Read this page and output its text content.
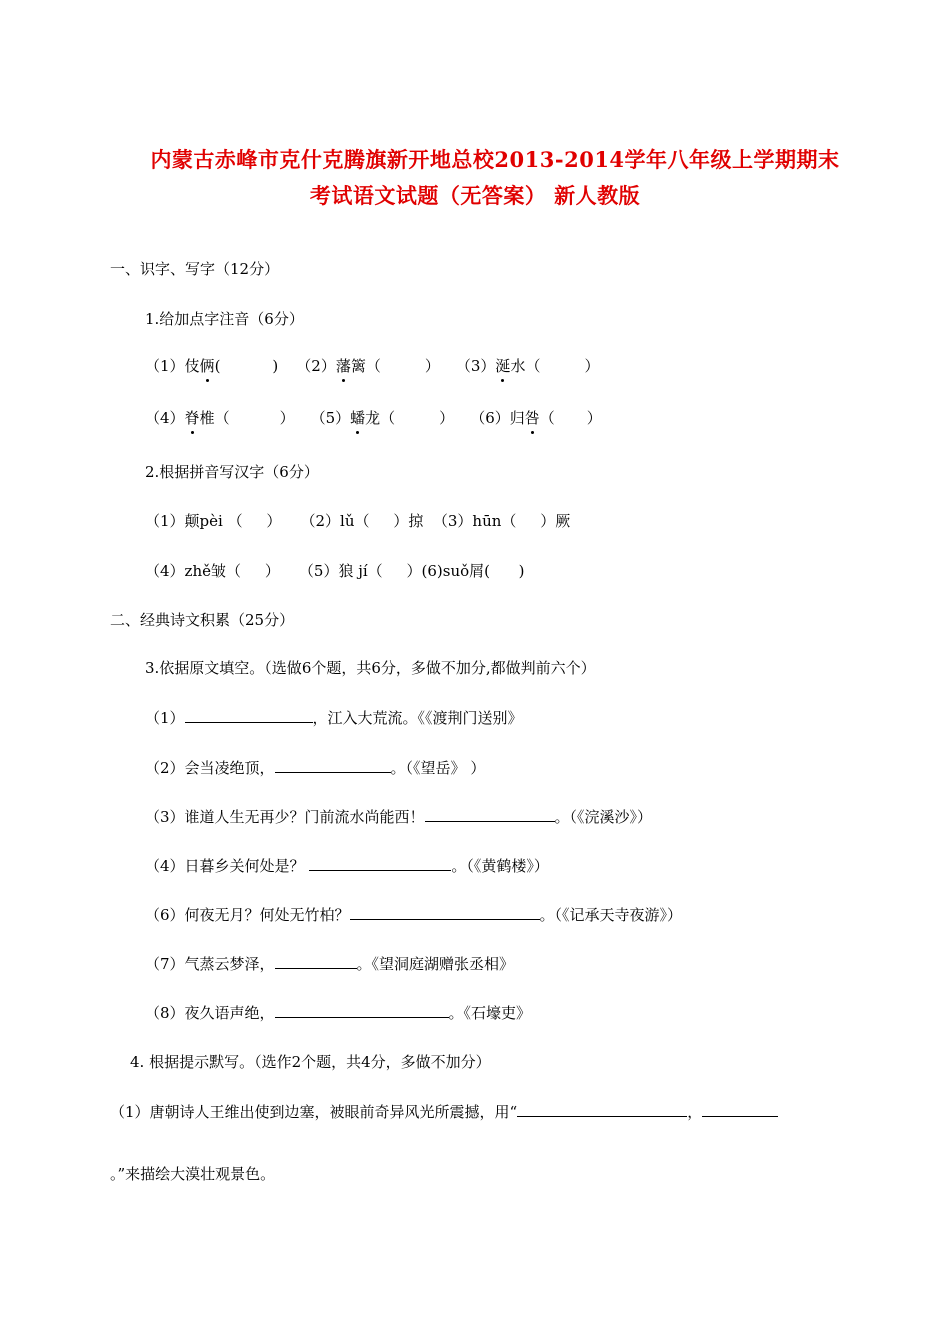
内蒙古赤峰市克什克腾旗新开地总校2013-2014学年八年级上学期期末
考试语文试题（无答案） 新人教版
一、识字、写字（12分）
1.给加点字注音（6分）
（1）伎俩(	) （2）藩篱（	） （3）涎水（	）
（4）脊椎（	） （5）蟠龙（	） （6）归咎（ ）
2.根据拼音写汉字（6分）
（1）颠pèi （     ）    （2）lǔ（     ）掠  （3）hūn（     ）厥
（4）zhě皱（     ）    （5）狼 jí（     ）(6)suǒ屑(      )
二、经典诗文积累（25分）
3.依据原文填空。（选做6个题，共6分，多做不加分,都做判前六个）
（1）	，江入大荒流。《《渡荆门送别》
（2）会当凌绝顶，	。（《望岳》 ）
（3）谁道人生无再少？门前流水尚能西！	。（《浣溪沙》）
（4）日暮乡关何处是？	。（《黄鹤楼》）
（6）何夜无月？何处无竹柏？	。（《记承天寺夜游》）
（7）气蒸云梦泽，	。《望洞庭湖赠张丞相》
（8）夜久语声绝，	。《石壕吏》
4. 根据提示默写。（选作2个题，共4分，多做不加分）
（1）唐朝诗人王维出使到边塞，被眼前奇异风光所震撼，用“	，
。”来描绘大漠壮观景色。
